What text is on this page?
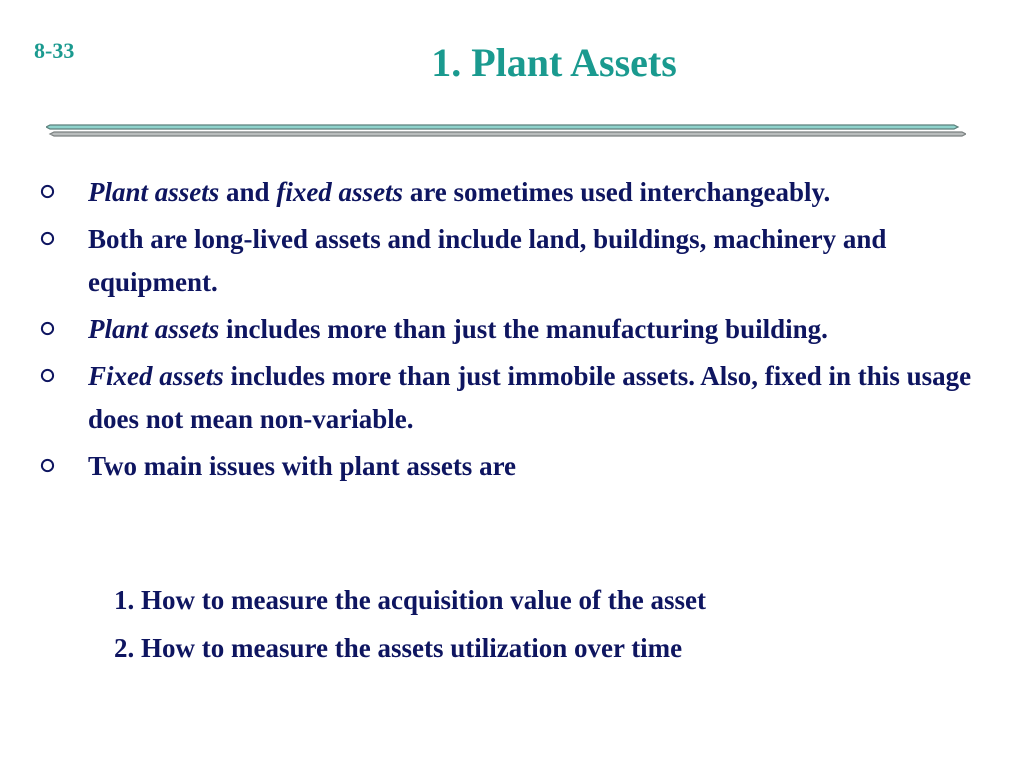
8-33	1. Plant Assets
Plant assets and fixed assets are sometimes used interchangeably.
Both are long-lived assets and include land, buildings, machinery and equipment.
Plant assets includes more than just the manufacturing building.
Fixed assets includes more than just immobile assets. Also, fixed in this usage does not mean non-variable.
Two main issues with plant assets are
1. How to measure the acquisition value of the asset
2. How to measure the assets utilization over time
